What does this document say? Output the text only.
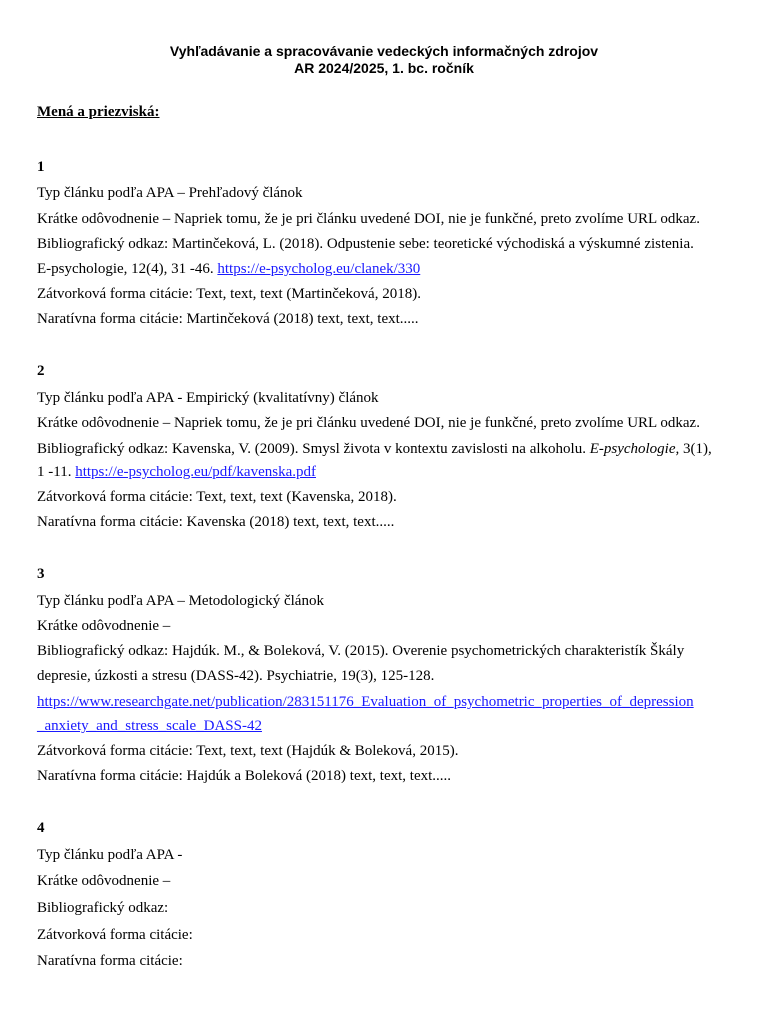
Vyhľadávanie a spracovávanie vedeckých informačných zdrojov
AR 2024/2025, 1. bc. ročník
Mená a priezviská:
1
Typ článku podľa APA – Prehľadový článok
Krátke odôvodnenie – Napriek tomu, že je pri článku uvedené DOI, nie je funkčné, preto zvolíme URL odkaz.
Bibliografický odkaz: Martinčeková, L. (2018). Odpustenie sebe: teoretické východiská a výskumné zistenia.
E-psychologie, 12(4), 31 -46. https://e-psycholog.eu/clanek/330
Zátvorková forma citácie: Text, text, text (Martinčeková, 2018).
Naratívna forma citácie: Martinčeková (2018) text, text, text.....
2
Typ článku podľa APA - Empirický (kvalitatívny) článok
Krátke odôvodnenie – Napriek tomu, že je pri článku uvedené DOI, nie je funkčné, preto zvolíme URL odkaz.
Bibliografický odkaz: Kavenska, V. (2009). Smysl života v kontextu zavislosti na alkoholu. E-psychologie, 3(1),
1 -11. https://e-psycholog.eu/pdf/kavenska.pdf
Zátvorková forma citácie: Text, text, text (Kavenska, 2018).
Naratívna forma citácie: Kavenska (2018) text, text, text.....
3
Typ článku podľa APA – Metodologický článok
Krátke odôvodnenie –
Bibliografický odkaz: Hajdúk. M., & Boleková, V. (2015). Overenie psychometrických charakteristík Škály
depresie, úzkosti a stresu (DASS-42). Psychiatrie, 19(3), 125-128.
https://www.researchgate.net/publication/283151176_Evaluation_of_psychometric_properties_of_depression
_anxiety_and_stress_scale_DASS-42
Zátvorková forma citácie: Text, text, text (Hajdúk & Boleková, 2015).
Naratívna forma citácie: Hajdúk a Boleková (2018) text, text, text.....
4
Typ článku podľa APA -
Krátke odôvodnenie –
Bibliografický odkaz:
Zátvorková forma citácie:
Naratívna forma citácie:
